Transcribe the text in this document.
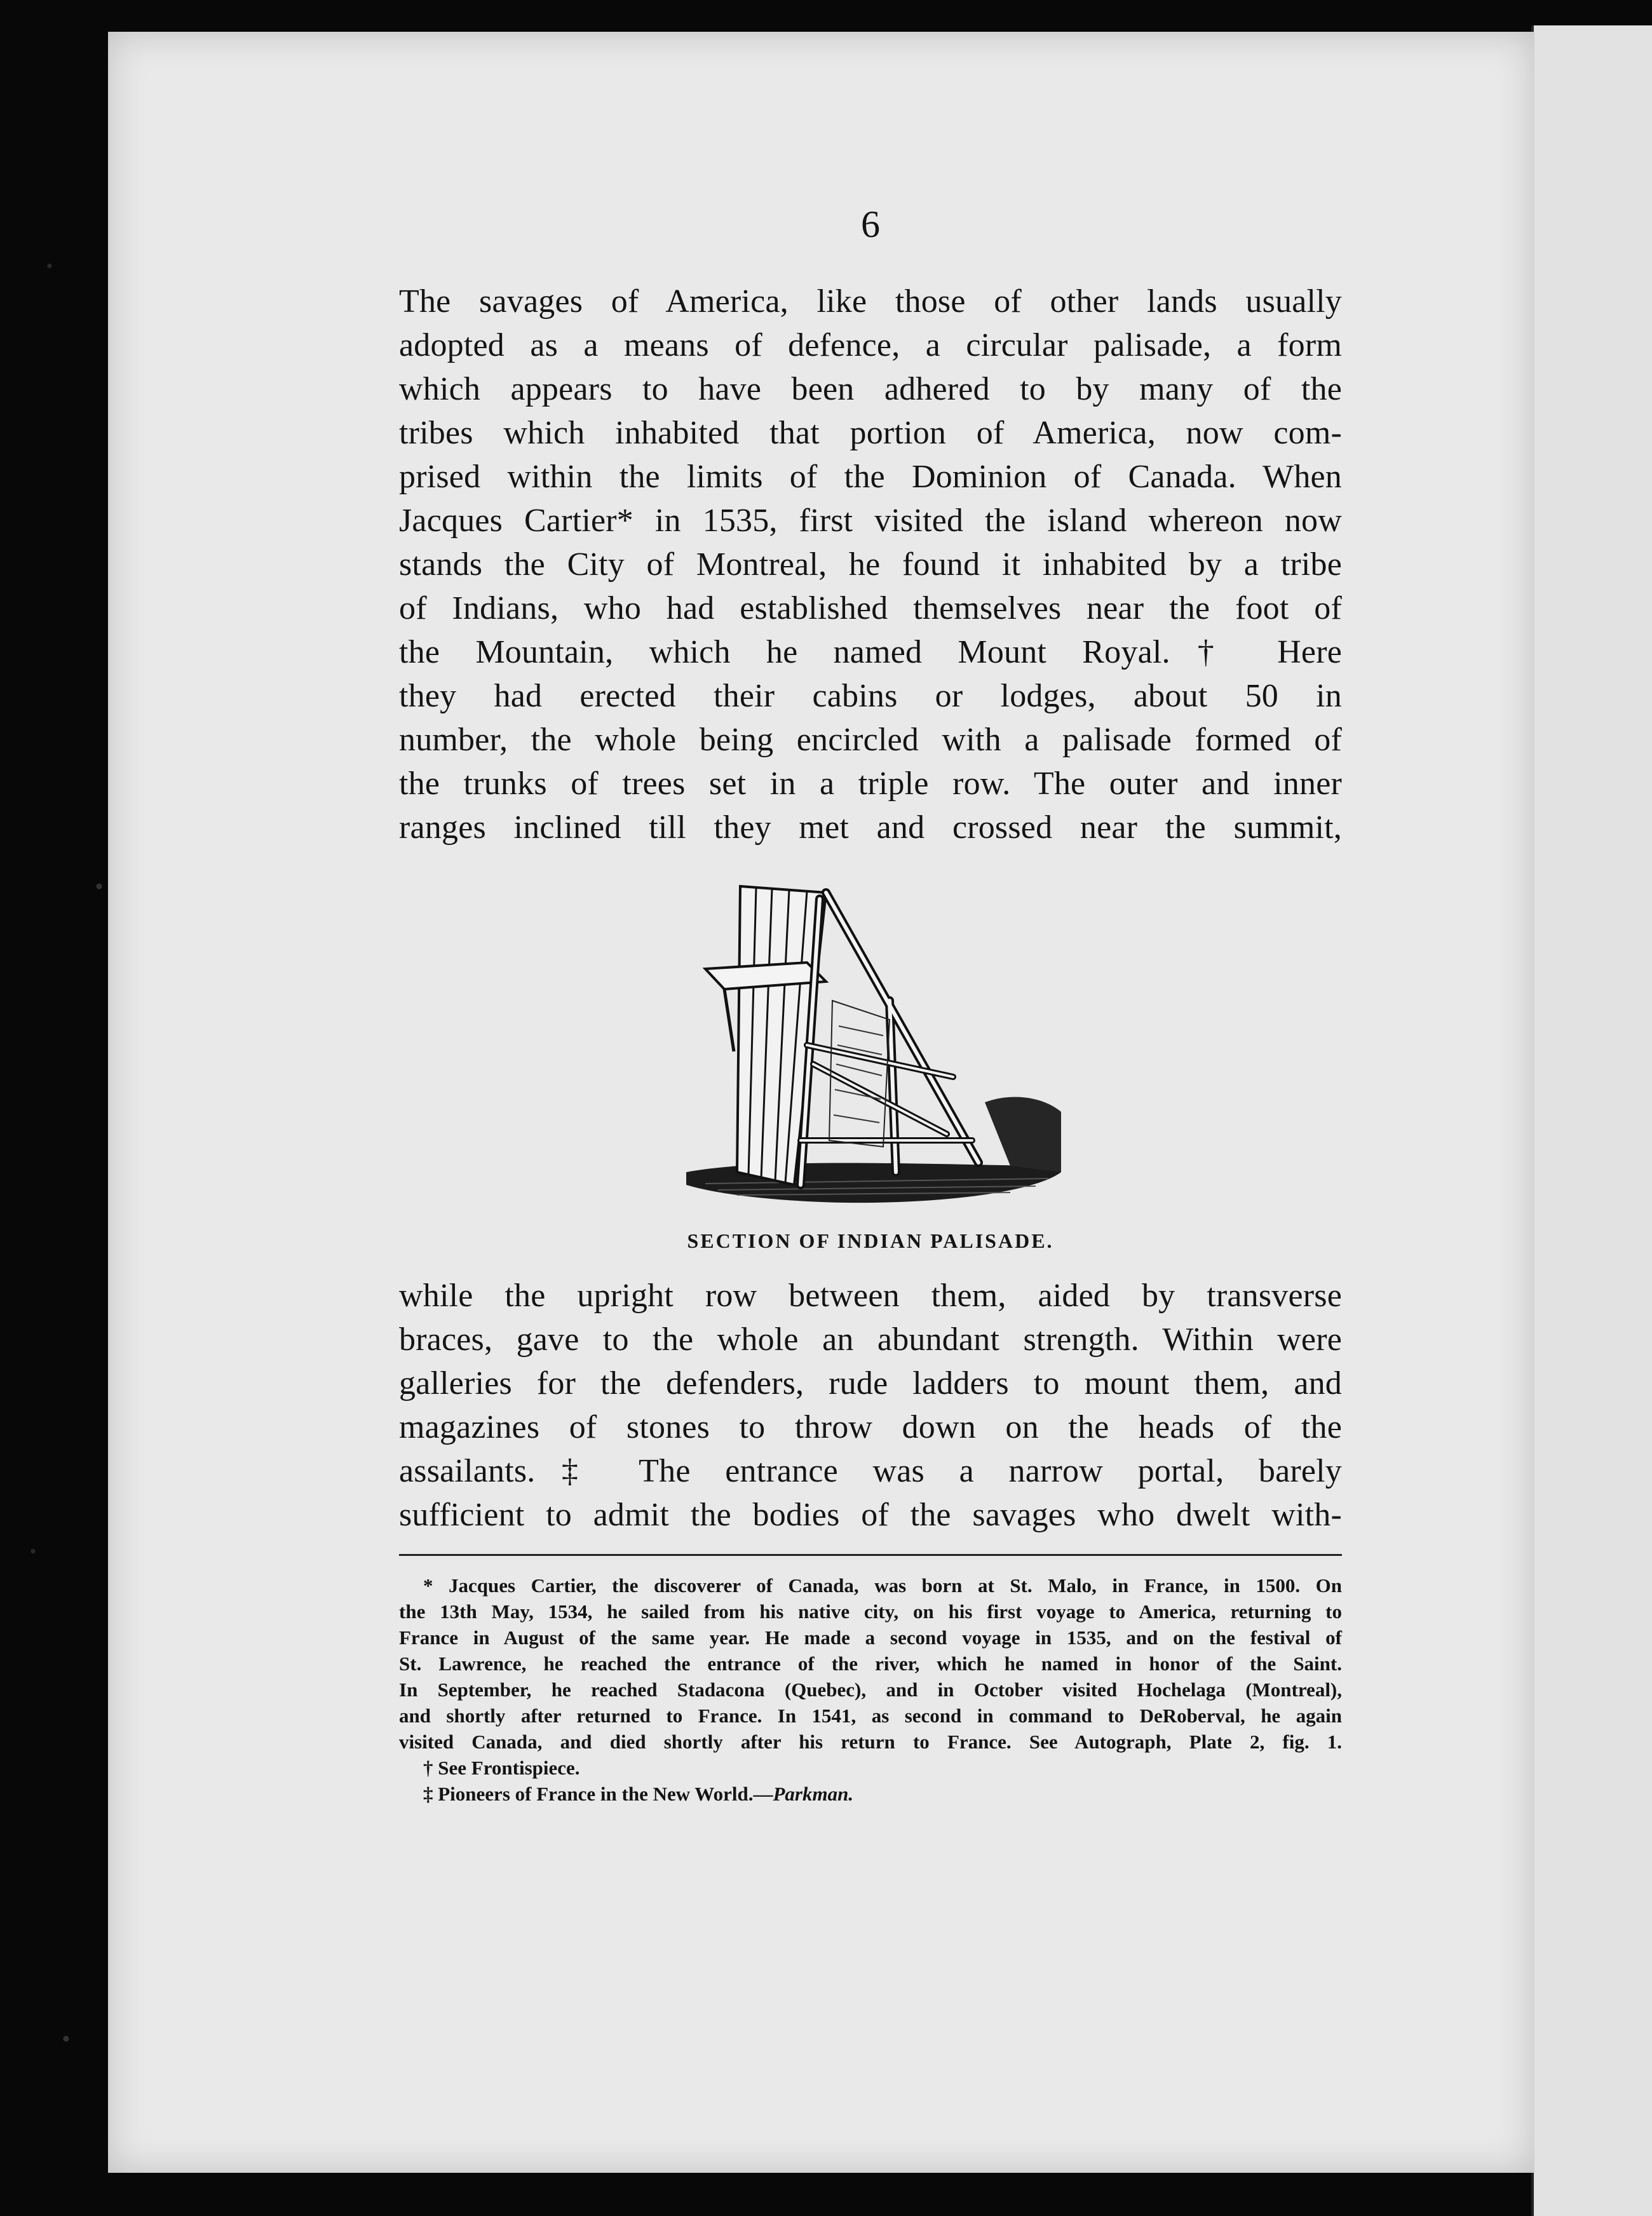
6
The savages of America, like those of other lands usually
adopted as a means of defence, a circular palisade, a form
which appears to have been adhered to by many of the
tribes which inhabited that portion of America, now com-
prised within the limits of the Dominion of Canada. When
Jacques Cartier* in 1535, first visited the island whereon now
stands the City of Montreal, he found it inhabited by a tribe
of Indians, who had established themselves near the foot of
the Mountain, which he named Mount Royal.† Here
they had erected their cabins or lodges, about 50 in
number, the whole being encircled with a palisade formed of
the trunks of trees set in a triple row. The outer and inner
ranges inclined till they met and crossed near the summit,
SECTION OF INDIAN PALISADE.
while the upright row between them, aided by transverse
braces, gave to the whole an abundant strength. Within were
galleries for the defenders, rude ladders to mount them, and
magazines of stones to throw down on the heads of the
assailants.‡ The entrance was a narrow portal, barely
sufficient to admit the bodies of the savages who dwelt with-
* Jacques Cartier, the discoverer of Canada, was born at St. Malo, in France, in 1500. On
the 13th May, 1534, he sailed from his native city, on his first voyage to America, returning to
France in August of the same year. He made a second voyage in 1535, and on the festival of
St. Lawrence, he reached the entrance of the river, which he named in honor of the Saint.
In September, he reached Stadacona (Quebec), and in October visited Hochelaga (Montreal),
and shortly after returned to France. In 1541, as second in command to DeRoberval, he again
visited Canada, and died shortly after his return to France. See Autograph, Plate 2, fig. 1.
† See Frontispiece.
‡ Pioneers of France in the New World.—Parkman.
